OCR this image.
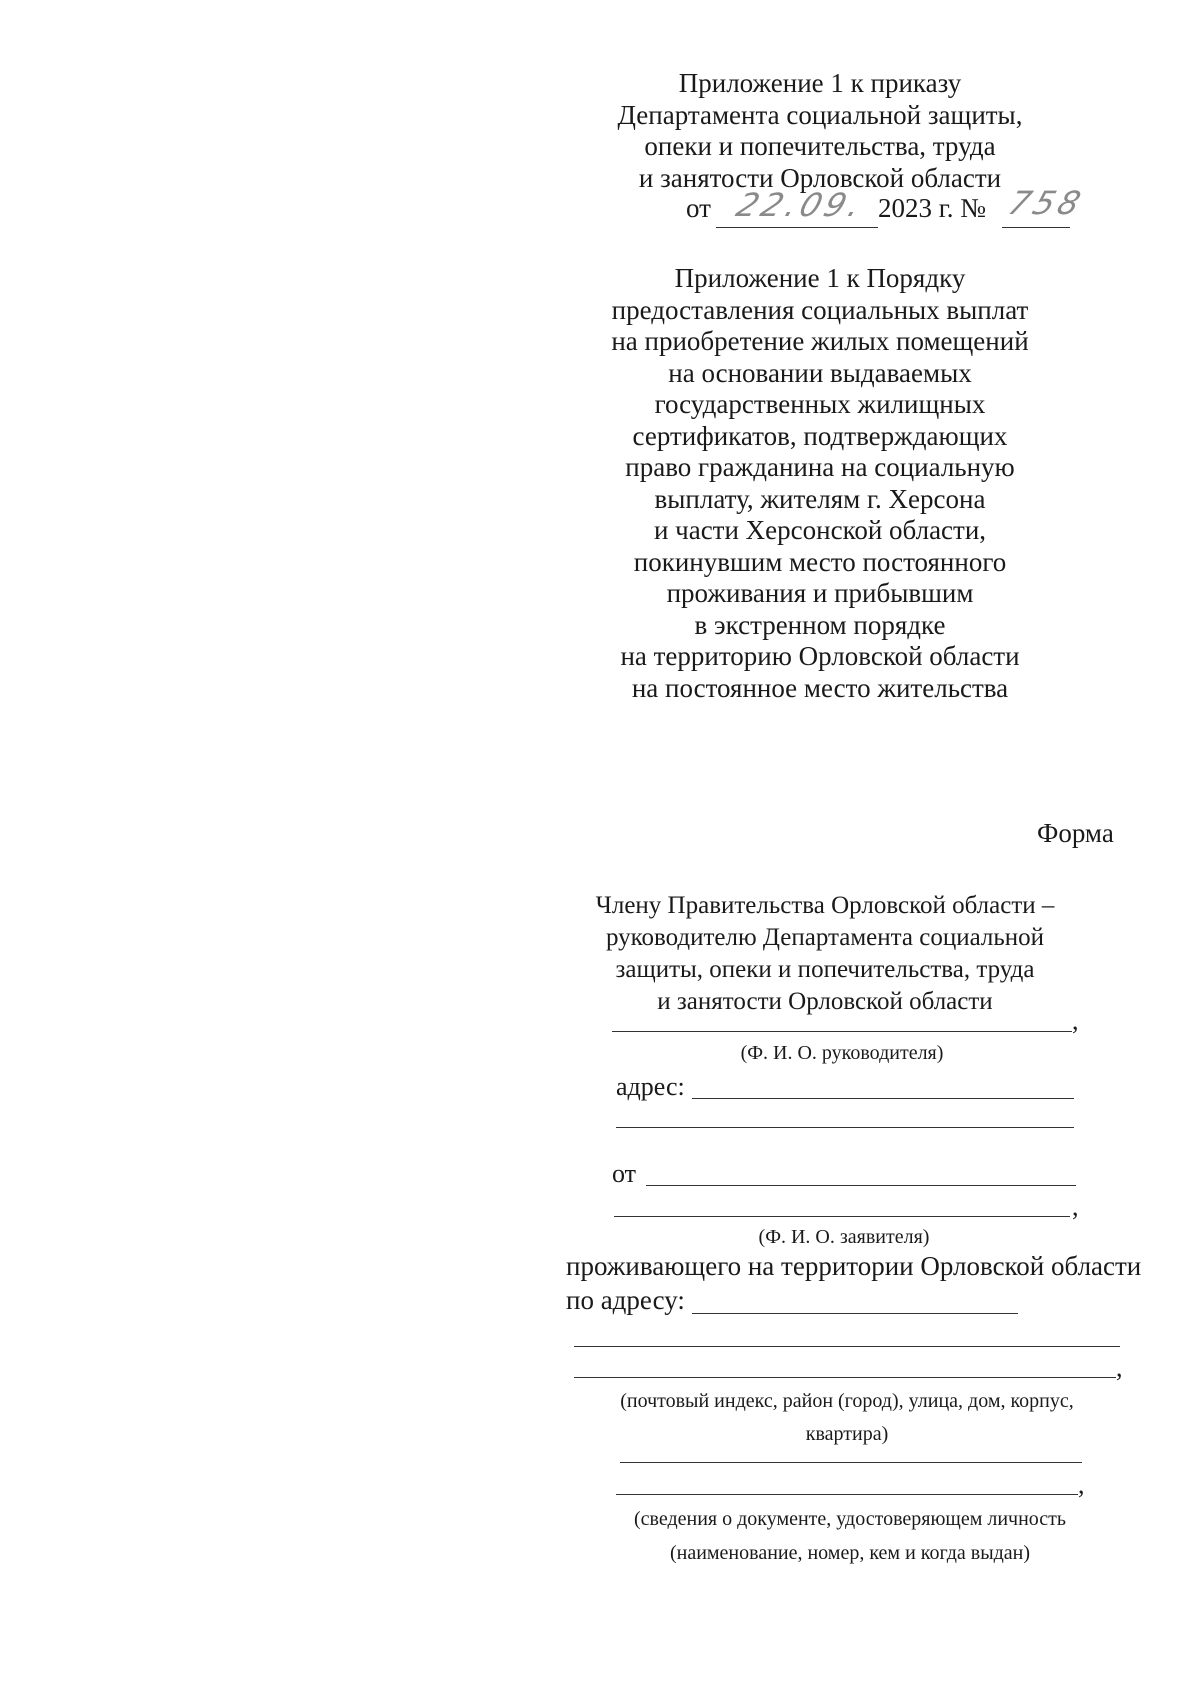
Приложение 1 к приказу
Департамента социальной защиты,
опеки и попечительства, труда
и занятости Орловской области
от 22.09. 2023 г. № 758
Приложение 1 к Порядку
предоставления социальных выплат
на приобретение жилых помещений
на основании выдаваемых
государственных жилищных
сертификатов, подтверждающих
право гражданина на социальную
выплату, жителям г. Херсона
и части Херсонской области,
покинувшим место постоянного
проживания и прибывшим
в экстренном порядке
на территорию Орловской области
на постоянное место жительства
Форма
Члену Правительства Орловской области –
руководителю Департамента социальной
защиты, опеки и попечительства, труда
и занятости Орловской области
,
(Ф. И. О. руководителя)
адрес:
от
,
(Ф. И. О. заявителя)
проживающего на территории Орловской области
по адресу:
,
(почтовый индекс, район (город), улица, дом, корпус,
квартира)
,
(сведения о документе, удостоверяющем личность
(наименование, номер, кем и когда выдан)
